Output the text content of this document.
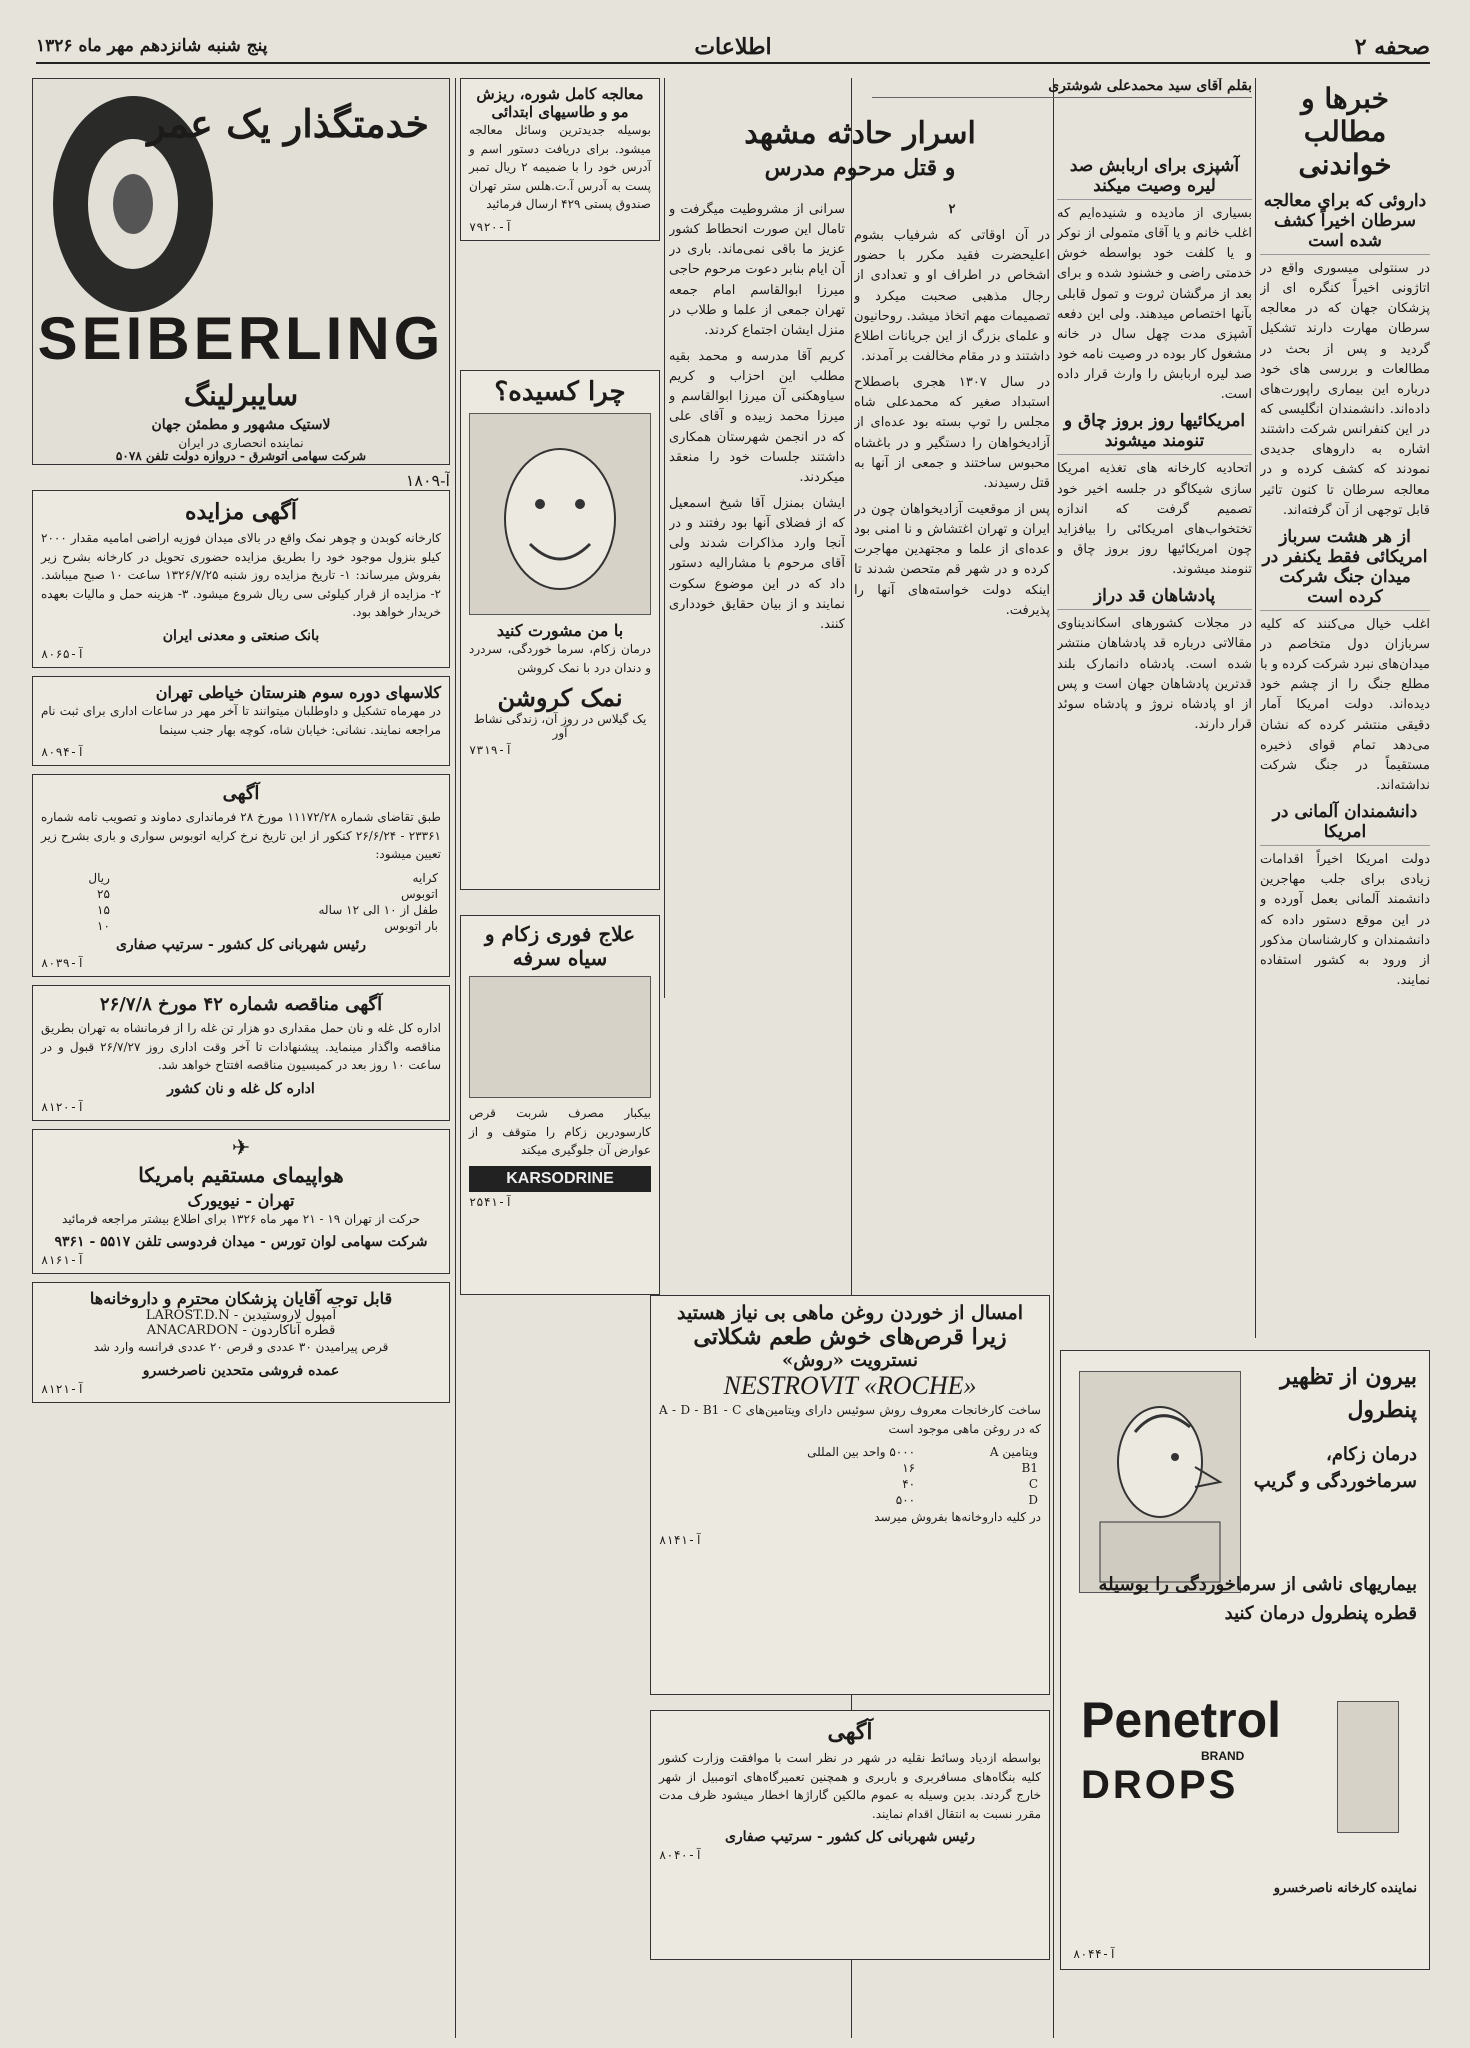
صحفه ۲
اطلاعات
پنج شنبه شانزدهم مهر ماه ۱۳۲۶
خبرها و مطالب خواندنی
داروئی که برای معالجه سرطان اخیراً کشف شده است

در سنتولی میسوری واقع در اتاژونی اخیراً کنگره ای از پزشکان جهان که در معالجه سرطان مهارت دارند تشکیل گردید و پس از بحث در مطالعات و بررسی های خود درباره این بیماری راپورت‌های داده‌اند. دانشمندان انگلیسی که در این کنفرانس شرکت داشتند اشاره به داروهای جدیدی نمودند که کشف کرده و در معالجه سرطان تا کنون تاثیر قابل توجهی از آن گرفته‌اند.

از هر هشت سرباز امریکائی فقط یکنفر در میدان جنگ شرکت کرده است

اغلب خیال می‌کنند که کلیه سربازان دول متخاصم در میدان‌های نبرد شرکت کرده و با مطلع جنگ را از چشم خود دیده‌اند. دولت امریکا آمار دقیقی منتشر کرده که نشان می‌دهد تمام قوای ذخیره مستقیماً در جنگ شرکت نداشته‌اند.

دانشمندان آلمانی در امریکا

دولت امریکا اخیراً اقدامات زیادی برای جلب مهاجرین دانشمند آلمانی بعمل آورده و در این موقع دستور داده که دانشمندان و کارشناسان مذکور از ورود به کشور استفاده نمایند.

آشپزی برای اربابش صد لیره وصیت میکند

بسیاری از مادیده و شنیده‌ایم که اغلب خانم و یا آقای متمولی از نوکر و یا کلفت خود بواسطه خوش خدمتی راضی و خشنود شده و برای بعد از مرگشان ثروت و تمول قابلی بآنها اختصاص میدهند. ولی این دفعه آشپزی مدت چهل سال در خانه مشغول کار بوده در وصیت نامه خود صد لیره اربابش را وارث قرار داده است.

امریکائیها روز بروز چاق و تنومند میشوند

اتحادیه کارخانه های تغذیه امریکا سازی شیکاگو در جلسه اخیر خود تصمیم گرفت که اندازه تختخواب‌های امریکائی را بیافزاید چون امریکائیها روز بروز چاق و تنومند میشوند.

پادشاهان قد دراز

در مجلات کشورهای اسکاندیناوی مقالاتی درباره قد پادشاهان منتشر شده است. پادشاه دانمارک بلند قدترین پادشاهان جهان است و پس از او پادشاه نروژ و پادشاه سوئد قرار دارند.

بیرون از تظهیر پنطرول
درمان زکام، سرماخوردگی و گریپ
بیماریهای ناشی از سرماخوردگی را بوسیله قطره پنطرول درمان کنید
Penetrol
BRAND
DROPS
نماینده کارخانه ناصرخسرو
آ-۸۰۴۴
بقلم آقای سید محمدعلی شوشتری
اسرار حادثه مشهد
و قتل مرحوم مدرس

۲

در آن اوقاتی که شرفیاب بشوم اعلیحضرت فقید مکرر با حضور اشخاص در اطراف او و تعدادی از رجال مذهبی صحبت میکرد و تصمیمات مهم اتخاذ میشد. روحانیون و علمای بزرگ از این جریانات اطلاع داشتند و در مقام مخالفت بر آمدند.

در سال ۱۳۰۷ هجری باصطلاح استبداد صغیر که محمدعلی شاه مجلس را توپ بسته بود عده‌ای از آزادیخواهان را دستگیر و در باغشاه محبوس ساختند و جمعی از آنها به قتل رسیدند.

پس از موقعیت آزادیخواهان چون در ایران و تهران اغتشاش و نا امنی بود عده‌ای از علما و مجتهدین مهاجرت کرده و در شهر قم متحصن شدند تا اینکه دولت خواسته‌های آنها را پذیرفت.

سرانی از مشروطیت میگرفت و تامال این صورت انحطاط کشور عزیز ما باقی نمی‌ماند. باری در آن ایام بنابر دعوت مرحوم حاجی میرزا ابوالقاسم امام جمعه تهران جمعی از علما و طلاب در منزل ایشان اجتماع کردند.

کریم آقا مدرسه و محمد بقیه مطلب این احزاب و کریم سیاوهکنی آن میرزا ابوالقاسم و میرزا محمد زبیده و آقای علی که در انجمن شهرستان همکاری داشتند جلسات خود را منعقد میکردند.

ایشان بمنزل آقا شیخ اسمعیل که از فضلای آنها بود رفتند و در آنجا وارد مذاکرات شدند ولی آقای مرحوم با مشارالیه دستور داد که در این موضوع سکوت نمایند و از بیان حقایق خودداری کنند.

معالجه کامل شوره، ریزش مو و طاسیهای ابتدائی

بوسیله جدیدترین وسائل معالجه میشود. برای دریافت دستور اسم و آدرس خود را با ضمیمه ۲ ریال تمبر پست به آدرس آ.ت.هلس ستر تهران صندوق پستی ۴۲۹ ارسال فرمائید

آ-۷۹۲۰
چرا کسیده؟
با من مشورت کنید

درمان زکام، سرما خوردگی، سردرد و دندان درد با نمک کروشن

نمک کروشن
یک گیلاس در روز آن، زندگی نشاط آور
آ-۷۳۱۹
علاج فوری زکام و سیاه سرفه

بیکبار مصرف شربت قرص کارسودرین زکام را متوقف و از عوارض آن جلوگیری میکند

KARSODRINE
آ-۲۵۴۱
امسال از خوردن روغن ماهی بی نیاز هستید
زیرا قرص‌های خوش طعم شکلاتی
نسترویت «روش»
NESTROVIT «ROCHE»

ساخت کارخانجات معروف روش سوئیس دارای ویتامین‌های A - D - B1 - C که در روغن ماهی موجود است

ویتامین A	۵۰۰۰ واحد بین المللی
B1	۱۶
C	۴۰
D	۵۰۰

در کلیه داروخانه‌ها بفروش میرسد

آ-۸۱۴۱
آگهی

بواسطه ازدیاد وسائط نقلیه در شهر در نظر است با موافقت وزارت کشور کلیه بنگاه‌های مسافربری و باربری و همچنین تعمیرگاه‌های اتومبیل از شهر خارج گردند. بدین وسیله به عموم مالکین گاراژها اخطار میشود ظرف مدت مقرر نسبت به انتقال اقدام نمایند.

رئیس شهربانی کل کشور - سرتیپ صفاری
آ-۸۰۴۰
خدمتگذار یک عمر
SEIBERLING
سایبرلینگ
لاستیک مشهور و مطمئن جهان
نماینده انحصاری در ایران
شرکت سهامی اتوشرق - دروازه دولت تلفن ۵۰۷۸
آ-۱۸۰۹
آگهی مزایده

کارخانه کوبدن و چوهر نمک واقع در بالای میدان فوزیه اراضی امامیه مقدار ۲۰۰۰ کیلو بنزول موجود خود را بطریق مزایده حضوری تحویل در کارخانه بشرح زیر بفروش میرساند: ۱- تاریخ مزایده روز شنبه ۱۳۲۶/۷/۲۵ ساعت ۱۰ صبح میباشد. ۲- مزایده از قرار کیلوئی سی ریال شروع میشود. ۳- هزینه حمل و مالیات بعهده خریدار خواهد بود.

بانک صنعتی و معدنی ایران
آ-۸۰۶۵
کلاسهای دوره سوم هنرستان خیاطی تهران

در مهرماه تشکیل و داوطلبان میتوانند تا آخر مهر در ساعات اداری برای ثبت نام مراجعه نمایند. نشانی: خیابان شاه، کوچه بهار جنب سینما

آ-۸۰۹۴
آگهی

طبق تقاضای شماره ۱۱۱۷۲/۲۸ مورخ ۲۸ فرمانداری دماوند و تصویب نامه شماره ۲۳۳۶۱ - ۲۶/۶/۲۴ کنکور از این تاریخ نرخ کرایه اتوبوس سواری و باری بشرح زیر تعیین میشود:

کرایه	ریال
اتوبوس	۲۵
طفل از ۱۰ الی ۱۲ ساله	۱۵
بار اتوبوس	۱۰
رئیس شهربانی کل کشور - سرتیپ صفاری
آ-۸۰۳۹
آگهی مناقصه شماره ۴۲ مورخ ۲۶/۷/۸

اداره کل غله و نان حمل مقداری دو هزار تن غله را از فرمانشاه به تهران بطریق مناقصه واگذار مینماید. پیشنهادات تا آخر وقت اداری روز ۲۶/۷/۲۷ قبول و در ساعت ۱۰ روز بعد در کمیسیون مناقصه افتتاح خواهد شد.

اداره کل غله و نان کشور
آ-۸۱۲۰
✈
هواپیمای مستقیم بامریکا
تهران - نیویورک

حرکت از تهران ۱۹ - ۲۱ مهر ماه ۱۳۲۶ برای اطلاع بیشتر مراجعه فرمائید

شرکت سهامی لوان تورس - میدان فردوسی تلفن ۵۵۱۷ - ۹۳۶۱
آ-۸۱۶۱
قابل توجه آقایان پزشکان محترم و داروخانه‌ها
LAROST.D.N - آمپول لاروستیدین
ANACARDON - قطره آناکاردون

قرص پیرامیدن ۳۰ عددی و قرص ۲۰ عددی فرانسه وارد شد

عمده فروشی متحدین ناصرخسرو
آ-۸۱۲۱
